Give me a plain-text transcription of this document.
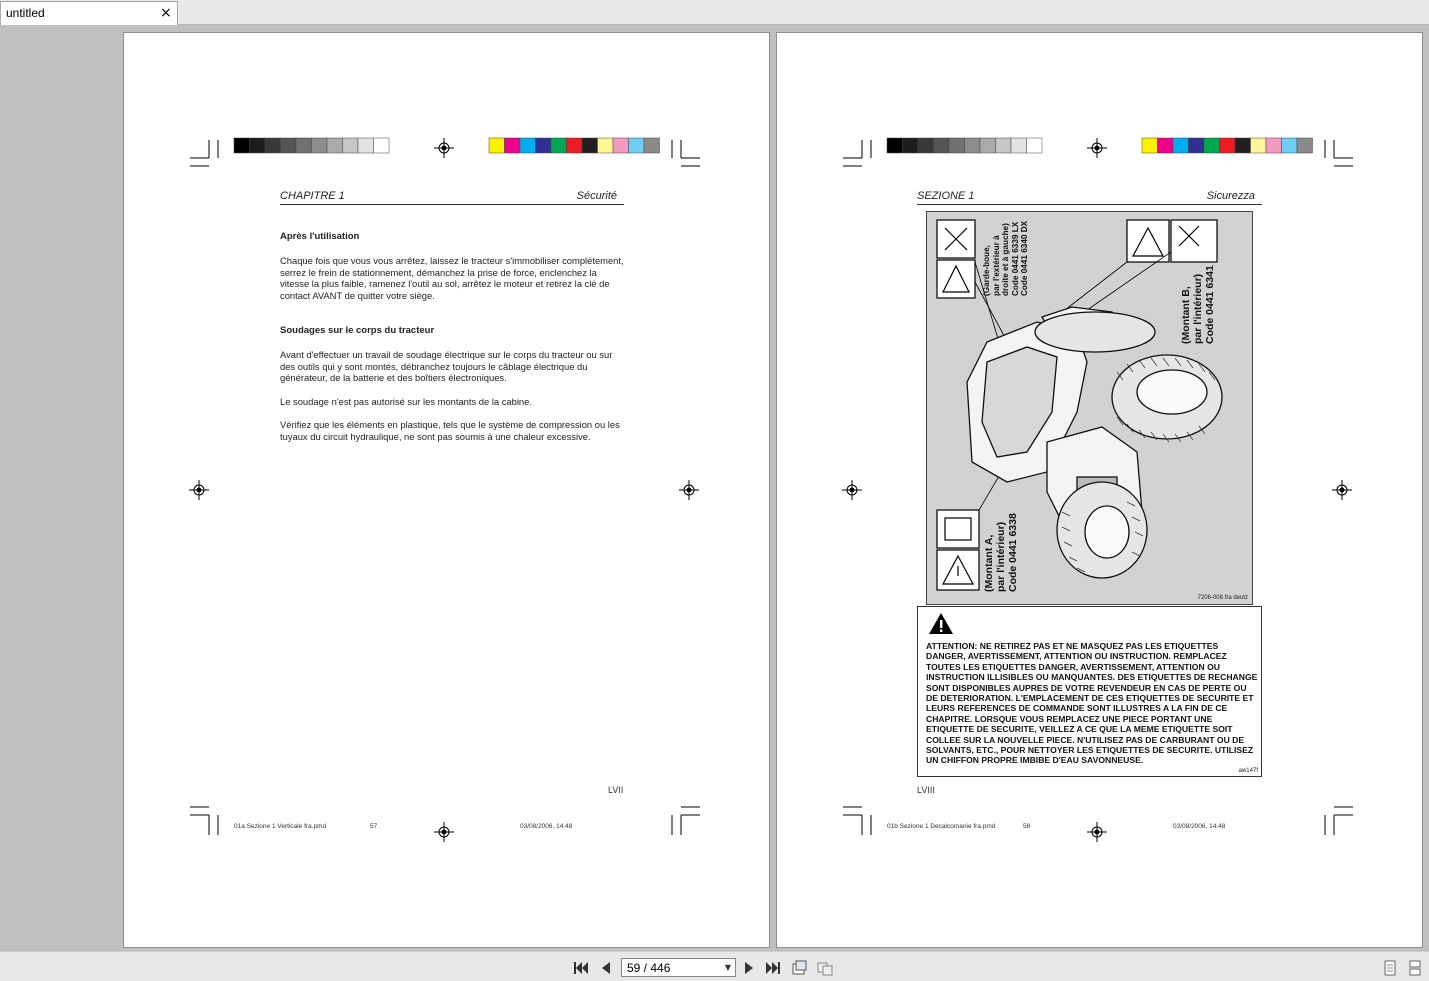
untitled	×
CHAPITRE 1	Sécurité
Après l'utilisation
Chaque fois que vous vous arrêtez, laissez le tracteur s'immobiliser complètement, serrez le frein de stationnement, démanchez la prise de force, enclenchez la vitesse la plus faible, ramenez l'outil au sol, arrêtez le moteur et retirez la clé de contact AVANT de quitter votre siège.
Soudages sur le corps du tracteur
Avant d'effectuer un travail de soudage électrique sur le corps du tracteur ou sur des outils qui y sont montés, débranchez toujours le câblage électrique du générateur, de la batterie et des boîtiers électroniques.
Le soudage n'est pas autorisé sur les montants de la cabine.
Vérifiez que les éléments en plastique, tels que le système de compression ou les tuyaux du circuit hydraulique, ne sont pas soumis à une chaleur excessive.
LVII
01a Sezione 1 Verticale fra.pmd	57	03/08/2006, 14.48
SEZIONE 1	Sicurezza
(Garde-boue, par l'extérieur à droite et à gauche) Code 0441 6339 LX Code 0441 6340 DX
(Montant B, par l'intérieur) Code 0441 6341
(Montant A, par l'intérieur) Code 0441 6338
7206-008 fra deutz
ATTENTION: NE RETIREZ PAS ET NE MASQUEZ PAS LES ETIQUETTES DANGER, AVERTISSEMENT, ATTENTION OU INSTRUCTION. REMPLACEZ TOUTES LES ETIQUETTES DANGER, AVERTISSEMENT, ATTENTION OU INSTRUCTION ILLISIBLES OU MANQUANTES. DES ETIQUETTES DE RECHANGE SONT DISPONIBLES AUPRES DE VOTRE REVENDEUR EN CAS DE PERTE OU DE DETERIORATION. L'EMPLACEMENT DE CES ETIQUETTES DE SECURITE ET LEURS REFERENCES DE COMMANDE SONT ILLUSTRES A LA FIN DE CE CHAPITRE. LORSQUE VOUS REMPLACEZ UNE PIECE PORTANT UNE ETIQUETTE DE SECURITE, VEILLEZ A CE QUE LA MEME ETIQUETTE SOIT COLLEE SUR LA NOUVELLE PIECE. N'UTILISEZ PAS DE CARBURANT OU DE SOLVANTS, ETC., POUR NETTOYER LES ETIQUETTES DE SECURITE. UTILISEZ UN CHIFFON PROPRE IMBIBE D'EAU SAVONNEUSE.
aw147f
LVIII
01b Sezione 1 Decalcomanie fra.pmd	58	03/08/2006, 14.48
59 / 446	▼
